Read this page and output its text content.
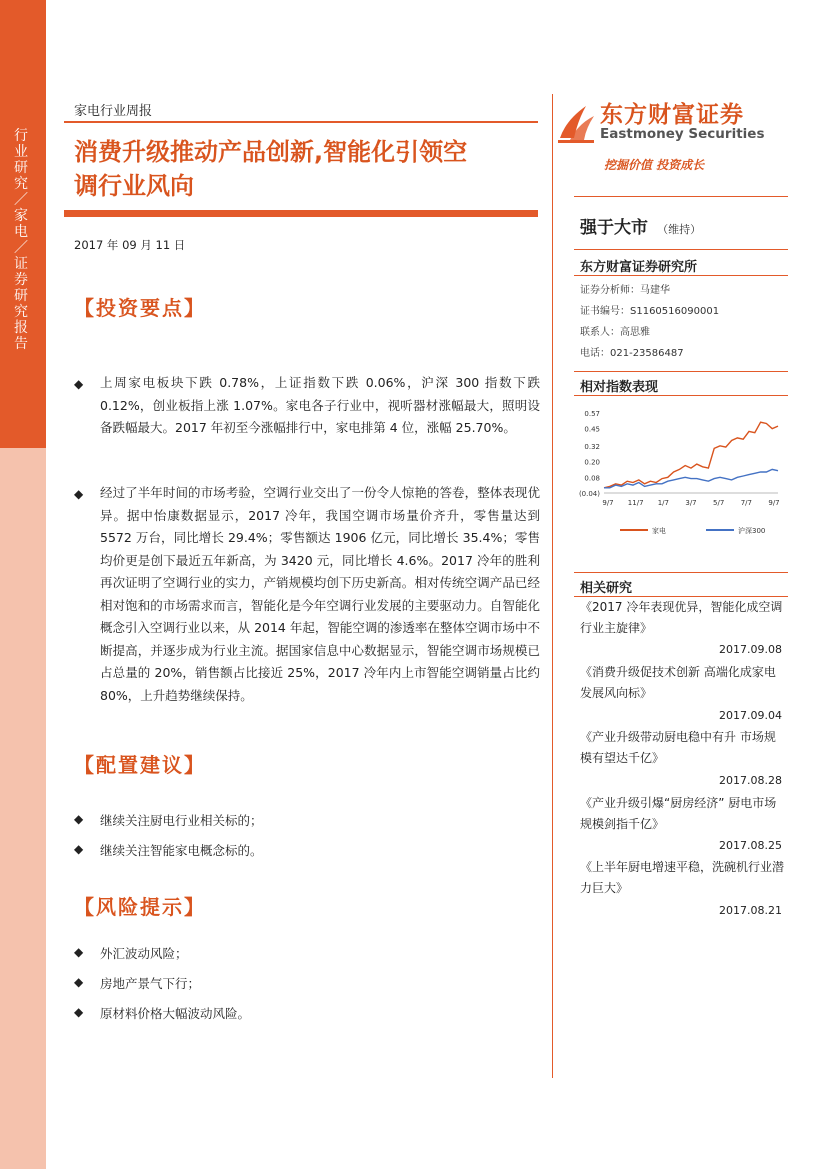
行业研究／家电／证券研究报告
家电行业周报
消费升级推动产品创新,智能化引领空
调行业风向
2017 年 09 月 11 日
东方财富证券
Eastmoney Securities
挖掘价值 投资成长
强于大市 （维持）
东方财富证券研究所
证券分析师：马建华
证书编号：S1160516090001
联系人：高思雅
电话：021-23586487
相对指数表现
0.57
0.45
0.32
0.20
0.08
(0.04)
9/7 11/7 1/7 3/7 5/7 7/7 9/7
家电	沪深300
相关研究
《2017 冷年表现优异，智能化成空调行业主旋律》
2017.09.08
《消费升级促技术创新 高端化成家电发展风向标》
2017.09.04
《产业升级带动厨电稳中有升 市场规模有望达千亿》
2017.08.28
《产业升级引爆“厨房经济” 厨电市场规模剑指千亿》
2017.08.25
《上半年厨电增速平稳，洗碗机行业潜力巨大》
2017.08.21
【投资要点】
◆ 上周家电板块下跌 0.78%，上证指数下跌 0.06%，沪深 300 指数下跌 0.12%，创业板指上涨 1.07%。家电各子行业中，视听器材涨幅最大，照明设备跌幅最大。2017 年初至今涨幅排行中，家电排第 4 位，涨幅 25.70%。
◆ 经过了半年时间的市场考验，空调行业交出了一份令人惊艳的答卷，整体表现优异。据中怡康数据显示，2017 冷年，我国空调市场量价齐升，零售量达到 5572 万台，同比增长 29.4%；零售额达 1906 亿元，同比增长 35.4%；零售均价更是创下最近五年新高，为 3420 元，同比增长 4.6%。2017 冷年的胜利再次证明了空调行业的实力，产销规模均创下历史新高。相对传统空调产品已经相对饱和的市场需求而言，智能化是今年空调行业发展的主要驱动力。自智能化概念引入空调行业以来，从 2014 年起，智能空调的渗透率在整体空调市场中不断提高，并逐步成为行业主流。据国家信息中心数据显示，智能空调市场规模已占总量的 20%，销售额占比接近 25%，2017 冷年内上市智能空调销量占比约 80%，上升趋势继续保持。
【配置建议】
◆ 继续关注厨电行业相关标的；
◆ 继续关注智能家电概念标的。
【风险提示】
◆ 外汇波动风险；
◆ 房地产景气下行；
◆ 原材料价格大幅波动风险。
